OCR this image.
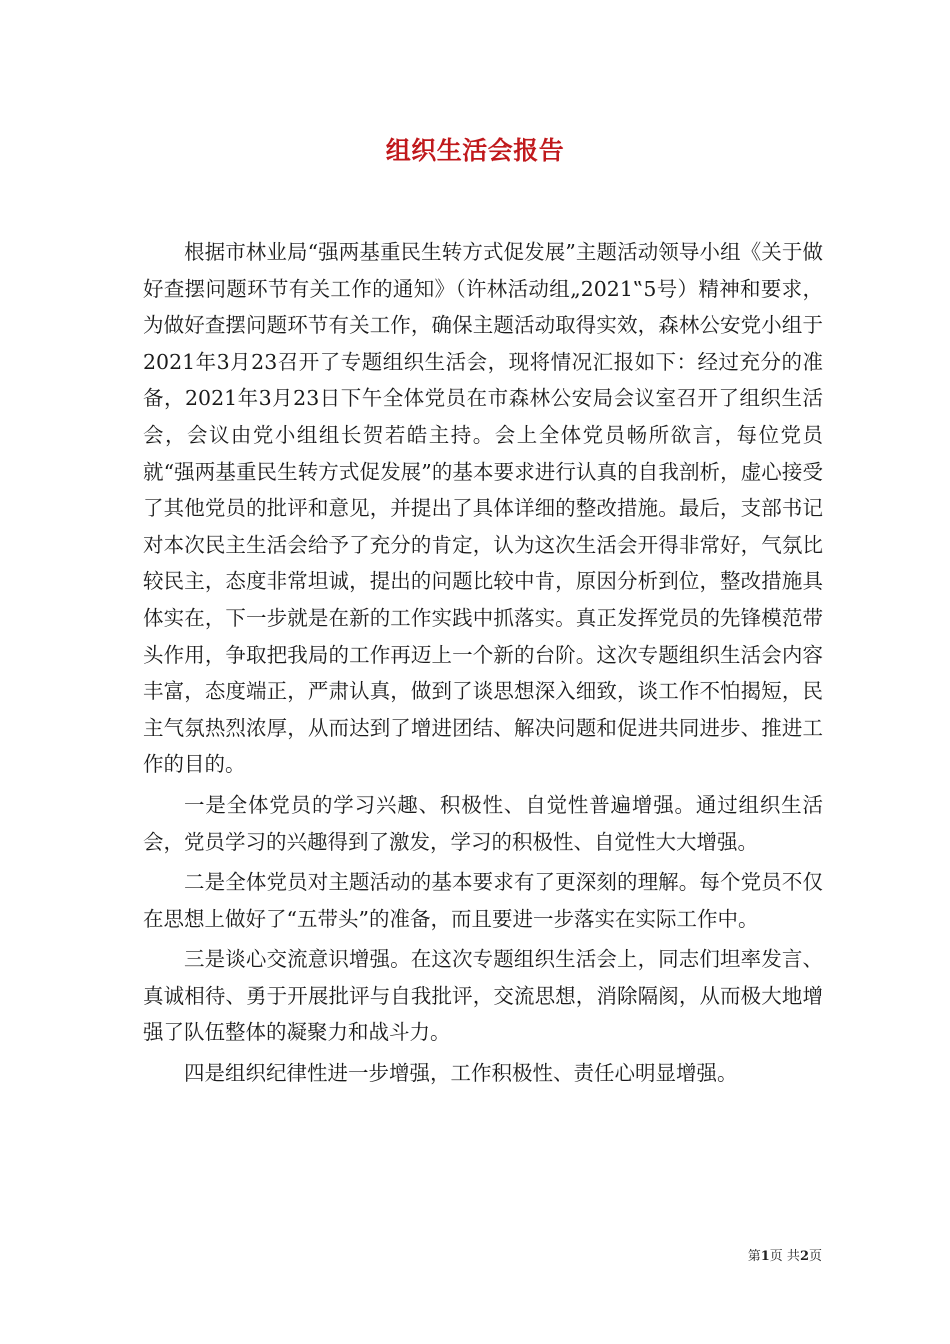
组织生活会报告

根据市林业局“强两基重民生转方式促发展”主题活动领导小组《关于做好查摆问题环节有关工作的通知》（许林活动组„2021‟5号）精神和要求，为做好查摆问题环节有关工作，确保主题活动取得实效，森林公安党小组于2021年3月23召开了专题组织生活会，现将情况汇报如下：经过充分的准备，2021年3月23日下午全体党员在市森林公安局会议室召开了组织生活会，会议由党小组组长贺若皓主持。会上全体党员畅所欲言，每位党员就“强两基重民生转方式促发展”的基本要求进行认真的自我剖析，虚心接受了其他党员的批评和意见，并提出了具体详细的整改措施。最后，支部书记对本次民主生活会给予了充分的肯定，认为这次生活会开得非常好，气氛比较民主，态度非常坦诚，提出的问题比较中肯，原因分析到位，整改措施具体实在，下一步就是在新的工作实践中抓落实。真正发挥党员的先锋模范带头作用，争取把我局的工作再迈上一个新的台阶。这次专题组织生活会内容丰富，态度端正，严肃认真，做到了谈思想深入细致，谈工作不怕揭短，民主气氛热烈浓厚，从而达到了增进团结、解决问题和促进共同进步、推进工作的目的。

一是全体党员的学习兴趣、积极性、自觉性普遍增强。通过组织生活会，党员学习的兴趣得到了激发，学习的积极性、自觉性大大增强。

二是全体党员对主题活动的基本要求有了更深刻的理解。每个党员不仅在思想上做好了“五带头”的准备，而且要进一步落实在实际工作中。

三是谈心交流意识增强。在这次专题组织生活会上，同志们坦率发言、真诚相待、勇于开展批评与自我批评，交流思想，消除隔阂，从而极大地增强了队伍整体的凝聚力和战斗力。

四是组织纪律性进一步增强，工作积极性、责任心明显增强。

第1页 共2页
